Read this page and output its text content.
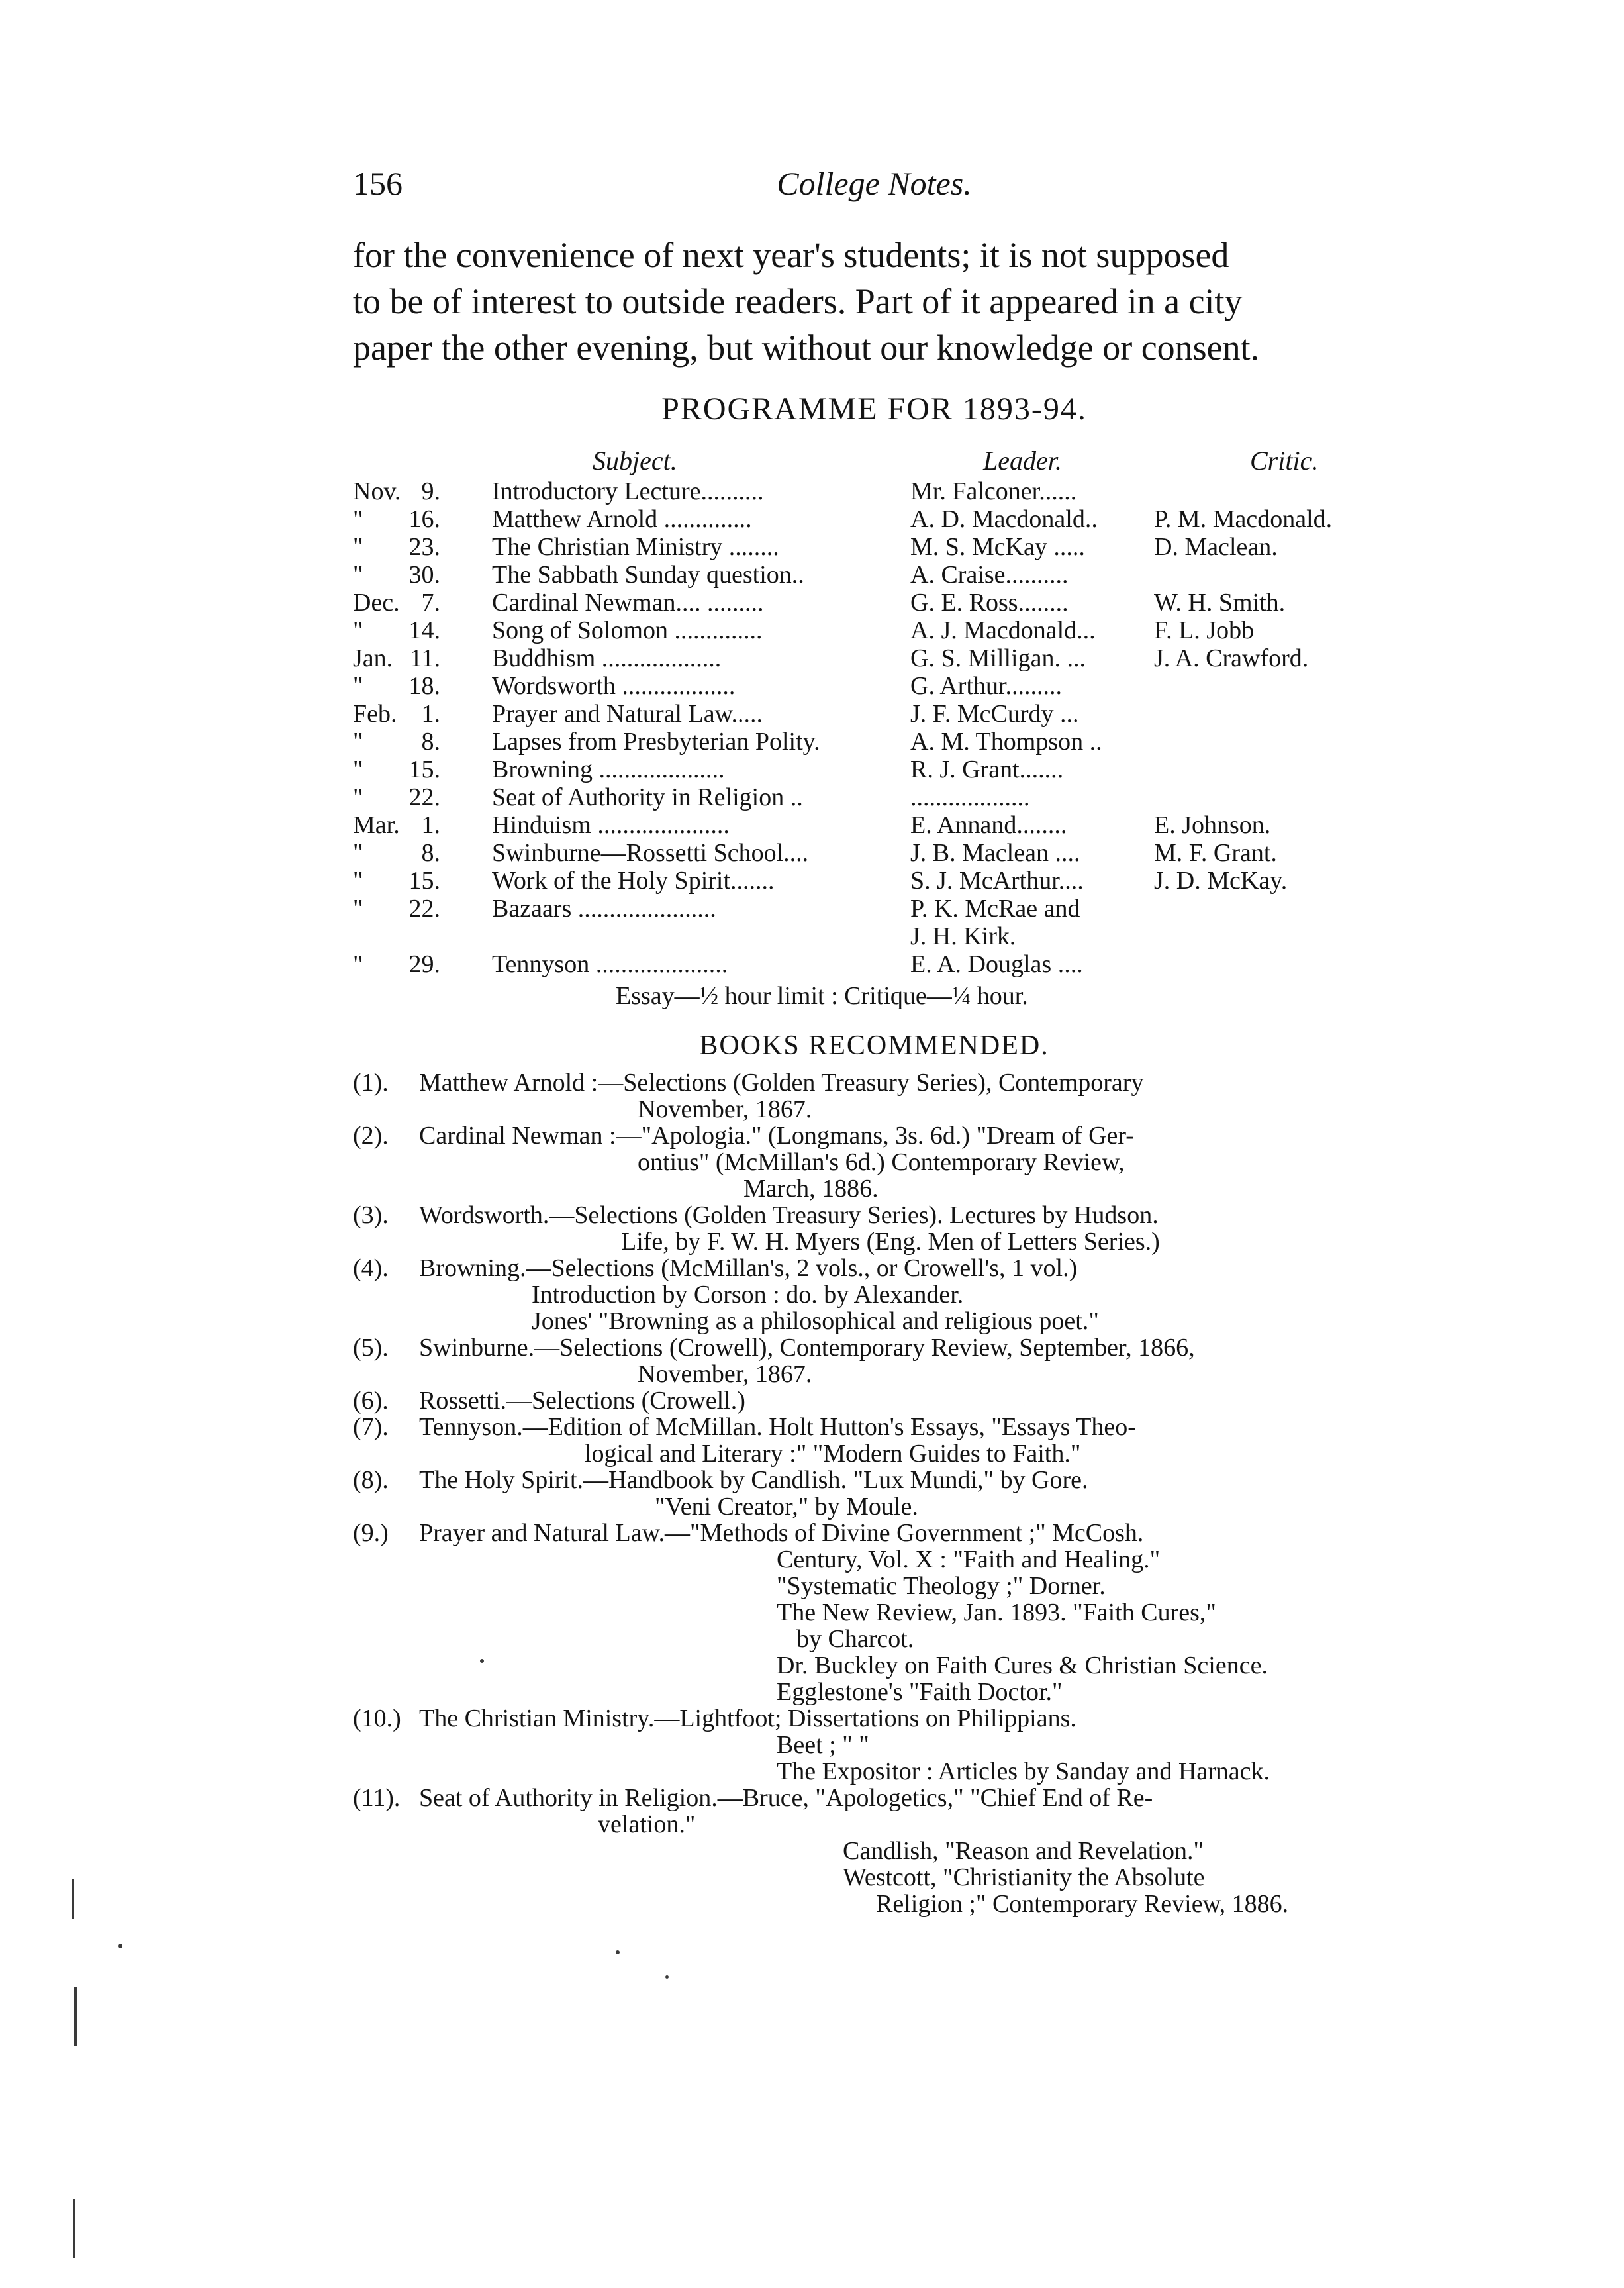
156	College Notes.

for the convenience of next year's students; it is not supposed

to be of interest to outside readers. Part of it appeared in a city

paper the other evening, but without our knowledge or consent.

PROGRAMME FOR 1893-94.
Subject.	Leader.	Critic.
Nov. 9. Introductory Lecture..........	Mr. Falconer......
"	16. Matthew Arnold ..............	A. D. Macdonald.. P. M. Macdonald.
"	23. The Christian Ministry ........	M. S. McKay .....	D. Maclean.
"	30. The Sabbath Sunday question..	A. Craise..........
Dec. 7. Cardinal Newman.... .........	G. E. Ross........	W. H. Smith.
"	14. Song of Solomon ..............	A. J. Macdonald... F. L. Jobb
Jan. 11. Buddhism ...................	G. S. Milligan. ...	J. A. Crawford.
"	18. Wordsworth ..................	G. Arthur.........
Feb. 1. Prayer and Natural Law.....	J. F. McCurdy ...
"	8. Lapses from Presbyterian Polity.	A. M. Thompson ..
"	15. Browning ....................	R. J. Grant.......
"	22. Seat of Authority in Religion ..	...................
Mar. 1. Hinduism .....................	E. Annand........	E. Johnson.
"	8. Swinburne—Rossetti School....	J. B. Maclean ....	M. F. Grant.
"	15. Work of the Holy Spirit.......	S. J. McArthur....	J. D. McKay.
"	22. Bazaars ......................	P. K. McRae and
J. H. Kirk.
"	29. Tennyson .....................	E. A. Douglas ....
Essay—½ hour limit : Critique—¼ hour.
BOOKS RECOMMENDED.
(1).	Matthew Arnold :—Selections (Golden Treasury Series), Contemporary
November, 1867.
(2).	Cardinal Newman :—"Apologia." (Longmans, 3s. 6d.) "Dream of Ger-
ontius" (McMillan's 6d.) Contemporary Review,
March, 1886.
(3).	Wordsworth.—Selections (Golden Treasury Series). Lectures by Hudson.
Life, by F. W. H. Myers (Eng. Men of Letters Series.)
(4).	Browning.—Selections (McMillan's, 2 vols., or Crowell's, 1 vol.)
Introduction by Corson : do. by Alexander.
Jones' "Browning as a philosophical and religious poet."
(5).	Swinburne.—Selections (Crowell), Contemporary Review, September, 1866,
November, 1867.
(6).	Rossetti.—Selections (Crowell.)
(7).	Tennyson.—Edition of McMillan. Holt Hutton's Essays, "Essays Theo-
logical and Literary :" "Modern Guides to Faith."
(8).	The Holy Spirit.—Handbook by Candlish. "Lux Mundi," by Gore.
"Veni Creator," by Moule.
(9.)	Prayer and Natural Law.—"Methods of Divine Government ;" McCosh.
Century, Vol. X : "Faith and Healing."
"Systematic Theology ;" Dorner.
The New Review, Jan. 1893. "Faith Cures,"
by Charcot.
Dr. Buckley on Faith Cures & Christian Science.
Egglestone's "Faith Doctor."
(10.) The Christian Ministry.—Lightfoot; Dissertations on Philippians.
Beet ; " "
The Expositor : Articles by Sanday and Harnack.
(11). Seat of Authority in Religion.—Bruce, "Apologetics," "Chief End of Re-
velation."
Candlish, "Reason and Revelation."
Westcott, "Christianity the Absolute
Religion ;" Contemporary Review, 1886.
